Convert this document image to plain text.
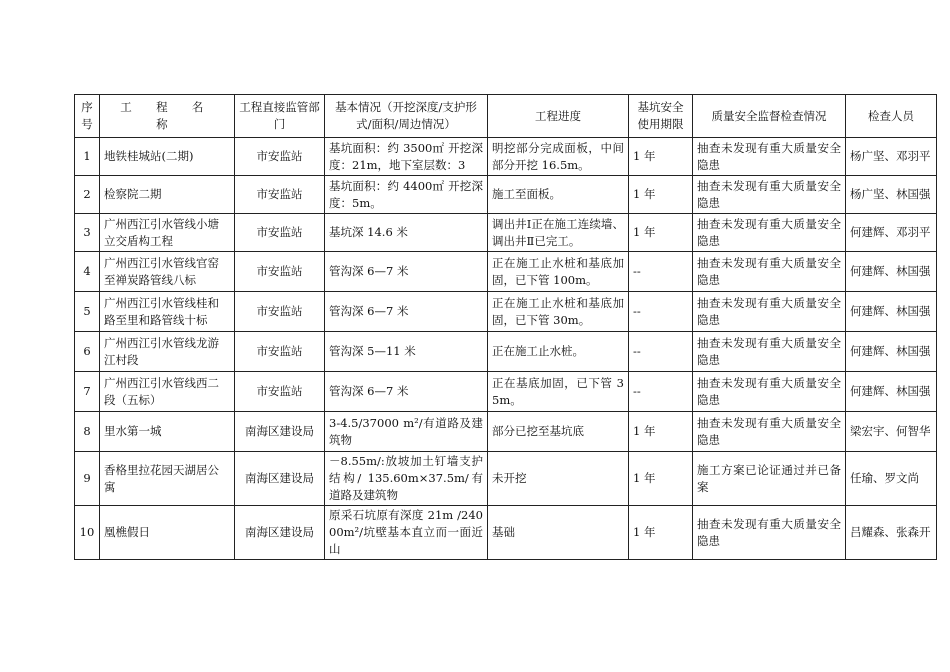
序号	工 程 名 称	工程直接监管部门	基本情况（开挖深度/支护形式/面积/周边情况）	工程进度	基坑安全使用期限	质量安全监督检查情况	检查人员
1	地铁桂城站(二期)	市安监站	基坑面积：约 3500㎡ 开挖深度：21m，地下室层数：3	明挖部分完成面板，中间部分开挖 16.5m。	1 年	抽查未发现有重大质量安全隐患	杨广坚、邓羽平
2	检察院二期	市安监站	基坑面积：约 4400㎡ 开挖深度：5m。	施工至面板。	1 年	抽查未发现有重大质量安全隐患	杨广坚、林国强
3	广州西江引水管线小塘立交盾构工程	市安监站	基坑深 14.6 米	调出井Ⅰ正在施工连续墙、调出井Ⅱ已完工。	1 年	抽查未发现有重大质量安全隐患	何建辉、邓羽平
4	广州西江引水管线官窑至禅炭路管线八标	市安监站	管沟深 6—7 米	正在施工止水桩和基底加固，已下管 100m。	--	抽查未发现有重大质量安全隐患	何建辉、林国强
5	广州西江引水管线桂和路至里和路管线十标	市安监站	管沟深 6—7 米	正在施工止水桩和基底加固，已下管 30m。	--	抽查未发现有重大质量安全隐患	何建辉、林国强
6	广州西江引水管线龙游江村段	市安监站	管沟深 5—11 米	正在施工止水桩。	--	抽查未发现有重大质量安全隐患	何建辉、林国强
7	广州西江引水管线西二段（五标）	市安监站	管沟深 6—7 米	正在基底加固，已下管 35m。	--	抽查未发现有重大质量安全隐患	何建辉、林国强
8	里水第一城	南海区建设局	3-4.5/37000 m²/有道路及建筑物	部分已挖至基坑底	1 年	抽查未发现有重大质量安全隐患	梁宏宇、何智华
9	香格里拉花园天湖居公寓	南海区建设局	－8.55m/:放坡加土钉墙支护结构/ 135.60m×37.5m/有道路及建筑物	未开挖	1 年	施工方案已论证通过并已备案	任瑜、罗文尚
10	凰樵假日	南海区建设局	原采石坑原有深度 21m /24000m²/坑壁基本直立而一面近山	基础	1 年	抽查未发现有重大质量安全隐患	吕耀森、张森开
